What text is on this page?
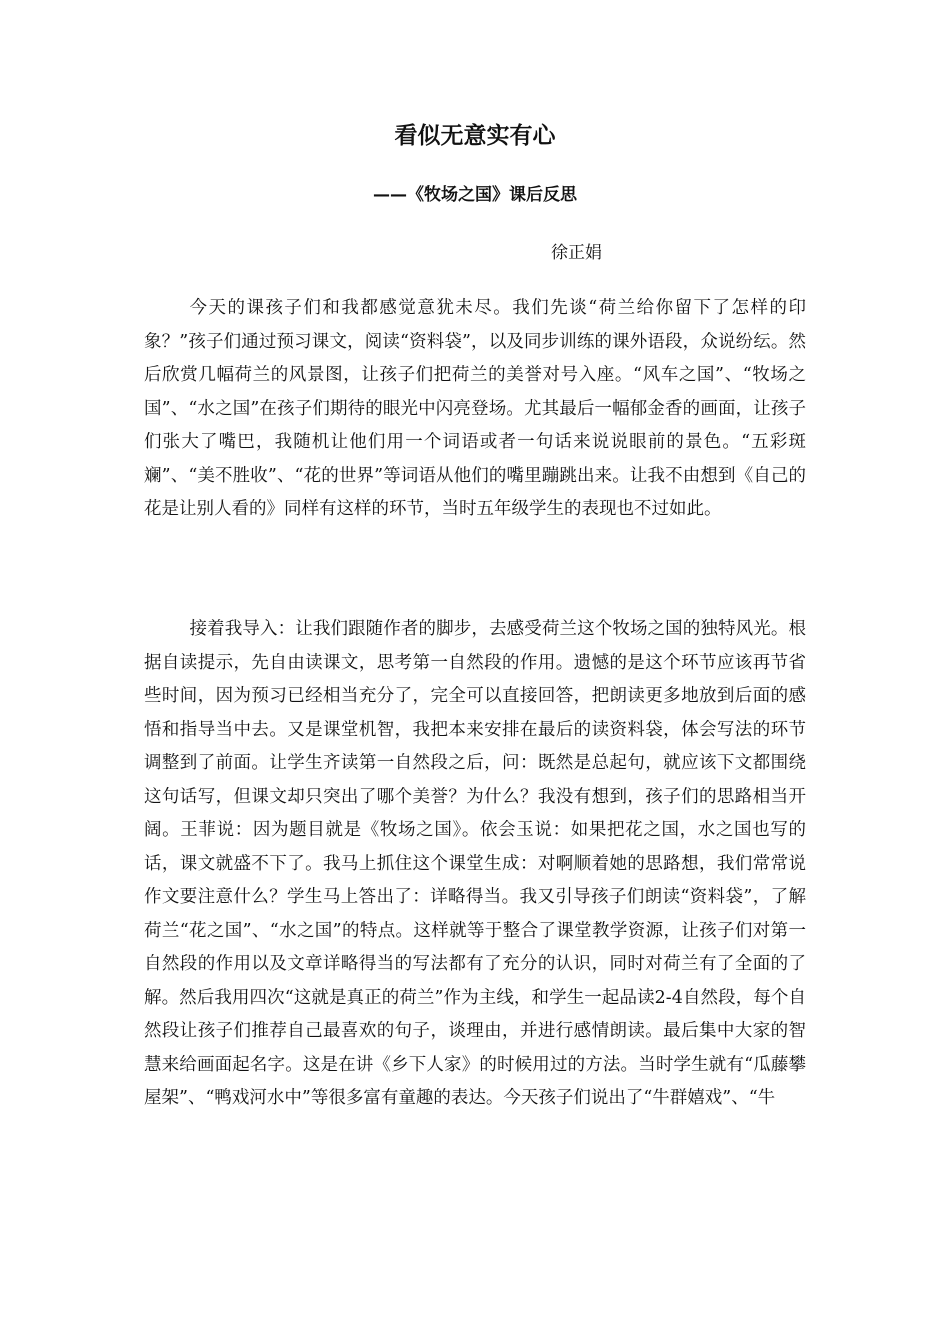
看似无意实有心
——《牧场之国》课后反思
徐正娟

今天的课孩子们和我都感觉意犹未尽。我们先谈“荷兰给你留下了怎样的印象？”孩子们通过预习课文，阅读“资料袋”，以及同步训练的课外语段，众说纷纭。然后欣赏几幅荷兰的风景图，让孩子们把荷兰的美誉对号入座。“风车之国”、“牧场之国”、“水之国”在孩子们期待的眼光中闪亮登场。尤其最后一幅郁金香的画面，让孩子们张大了嘴巴，我随机让他们用一个词语或者一句话来说说眼前的景色。“五彩斑斓”、“美不胜收”、“花的世界”等词语从他们的嘴里蹦跳出来。让我不由想到《自己的花是让别人看的》同样有这样的环节，当时五年级学生的表现也不过如此。

接着我导入：让我们跟随作者的脚步，去感受荷兰这个牧场之国的独特风光。根据自读提示，先自由读课文，思考第一自然段的作用。遗憾的是这个环节应该再节省些时间，因为预习已经相当充分了，完全可以直接回答，把朗读更多地放到后面的感悟和指导当中去。又是课堂机智，我把本来安排在最后的读资料袋，体会写法的环节调整到了前面。让学生齐读第一自然段之后，问：既然是总起句，就应该下文都围绕这句话写，但课文却只突出了哪个美誉？为什么？我没有想到，孩子们的思路相当开阔。王菲说：因为题目就是《牧场之国》。依会玉说：如果把花之国，水之国也写的话，课文就盛不下了。我马上抓住这个课堂生成：对啊顺着她的思路想，我们常常说作文要注意什么？学生马上答出了：详略得当。我又引导孩子们朗读“资料袋”，了解荷兰“花之国”、“水之国”的特点。这样就等于整合了课堂教学资源，让孩子们对第一自然段的作用以及文章详略得当的写法都有了充分的认识，同时对荷兰有了全面的了解。然后我用四次“这就是真正的荷兰”作为主线，和学生一起品读2-4自然段，每个自然段让孩子们推荐自己最喜欢的句子，谈理由，并进行感情朗读。最后集中大家的智慧来给画面起名字。这是在讲《乡下人家》的时候用过的方法。当时学生就有“瓜藤攀屋架”、“鸭戏河水中”等很多富有童趣的表达。今天孩子们说出了“牛群嬉戏”、“牛
